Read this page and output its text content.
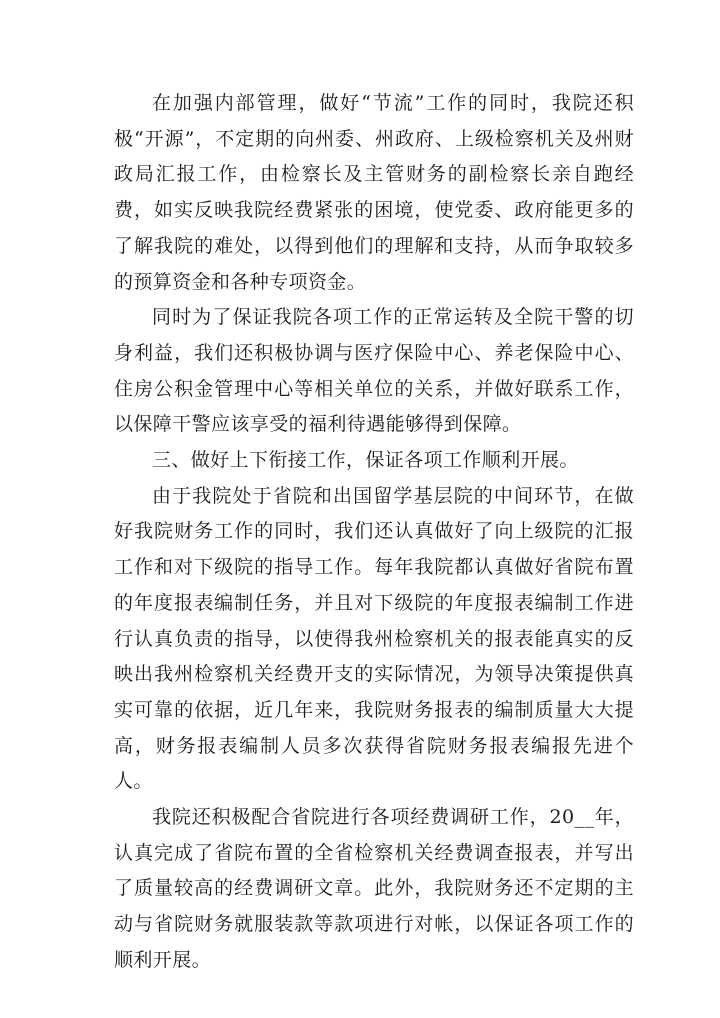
在加强内部管理，做好“节流”工作的同时，我院还积极“开源”，不定期的向州委、州政府、上级检察机关及州财政局汇报工作，由检察长及主管财务的副检察长亲自跑经费，如实反映我院经费紧张的困境，使党委、政府能更多的了解我院的难处，以得到他们的理解和支持，从而争取较多的预算资金和各种专项资金。

同时为了保证我院各项工作的正常运转及全院干警的切身利益，我们还积极协调与医疗保险中心、养老保险中心、住房公积金管理中心等相关单位的关系，并做好联系工作，以保障干警应该享受的福利待遇能够得到保障。

三、做好上下衔接工作，保证各项工作顺利开展。

由于我院处于省院和出国留学基层院的中间环节，在做好我院财务工作的同时，我们还认真做好了向上级院的汇报工作和对下级院的指导工作。每年我院都认真做好省院布置的年度报表编制任务，并且对下级院的年度报表编制工作进行认真负责的指导，以使得我州检察机关的报表能真实的反映出我州检察机关经费开支的实际情况，为领导决策提供真实可靠的依据，近几年来，我院财务报表的编制质量大大提高，财务报表编制人员多次获得省院财务报表编报先进个人。

我院还积极配合省院进行各项经费调研工作，20__年，认真完成了省院布置的全省检察机关经费调查报表，并写出了质量较高的经费调研文章。此外，我院财务还不定期的主动与省院财务就服装款等款项进行对帐，以保证各项工作的顺利开展。
